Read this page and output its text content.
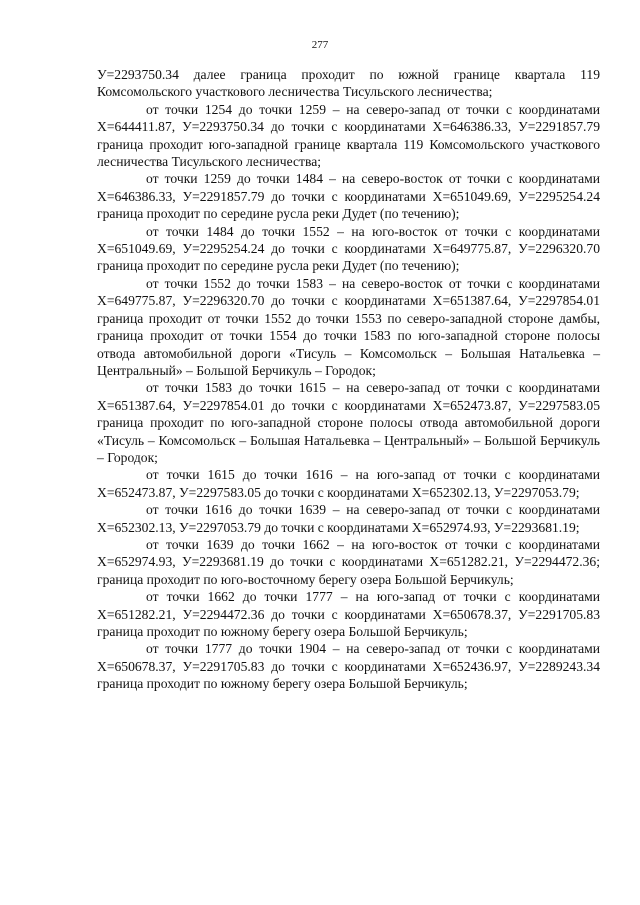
277

У=2293750.34 далее граница проходит по южной границе квартала 119 Комсомольского участкового лесничества Тисульского лесничества;

от точки 1254 до точки 1259 – на северо-запад от точки с координатами Х=644411.87, У=2293750.34 до точки с координатами Х=646386.33, У=2291857.79 граница проходит юго-западной границе квартала 119 Комсомольского участкового лесничества Тисульского лесничества;

от точки 1259 до точки 1484 – на северо-восток от точки с координатами Х=646386.33, У=2291857.79 до точки с координатами Х=651049.69, У=2295254.24 граница проходит по середине русла реки Дудет (по течению);

от точки 1484 до точки 1552 – на юго-восток от точки с координатами Х=651049.69, У=2295254.24 до точки с координатами Х=649775.87, У=2296320.70 граница проходит по середине русла реки Дудет (по течению);

от точки 1552 до точки 1583 – на северо-восток от точки с координатами Х=649775.87, У=2296320.70 до точки с координатами Х=651387.64, У=2297854.01 граница проходит от точки 1552 до точки 1553 по северо-западной стороне дамбы, граница проходит от точки 1554 до точки 1583 по юго-западной стороне полосы отвода автомобильной дороги «Тисуль – Комсомольск – Большая Натальевка – Центральный» – Большой Берчикуль – Городок;

от точки 1583 до точки 1615 – на северо-запад от точки с координатами Х=651387.64, У=2297854.01 до точки с координатами Х=652473.87, У=2297583.05 граница проходит по юго-западной стороне полосы отвода автомобильной дороги «Тисуль – Комсомольск – Большая Натальевка – Центральный» – Большой Берчикуль – Городок;

от точки 1615 до точки 1616 – на юго-запад от точки с координатами Х=652473.87, У=2297583.05 до точки с координатами Х=652302.13, У=2297053.79;

от точки 1616 до точки 1639 – на северо-запад от точки с координатами Х=652302.13, У=2297053.79 до точки с координатами Х=652974.93, У=2293681.19;

от точки 1639 до точки 1662 – на юго-восток от точки с координатами Х=652974.93, У=2293681.19 до точки с координатами Х=651282.21, У=2294472.36; граница проходит по юго-восточному берегу озера Большой Берчикуль;

от точки 1662 до точки 1777 – на юго-запад от точки с координатами Х=651282.21, У=2294472.36 до точки с координатами Х=650678.37, У=2291705.83 граница проходит по южному берегу озера Большой Берчикуль;

от точки 1777 до точки 1904 – на северо-запад от точки с координатами Х=650678.37, У=2291705.83 до точки с координатами Х=652436.97, У=2289243.34 граница проходит по южному берегу озера Большой Берчикуль;
